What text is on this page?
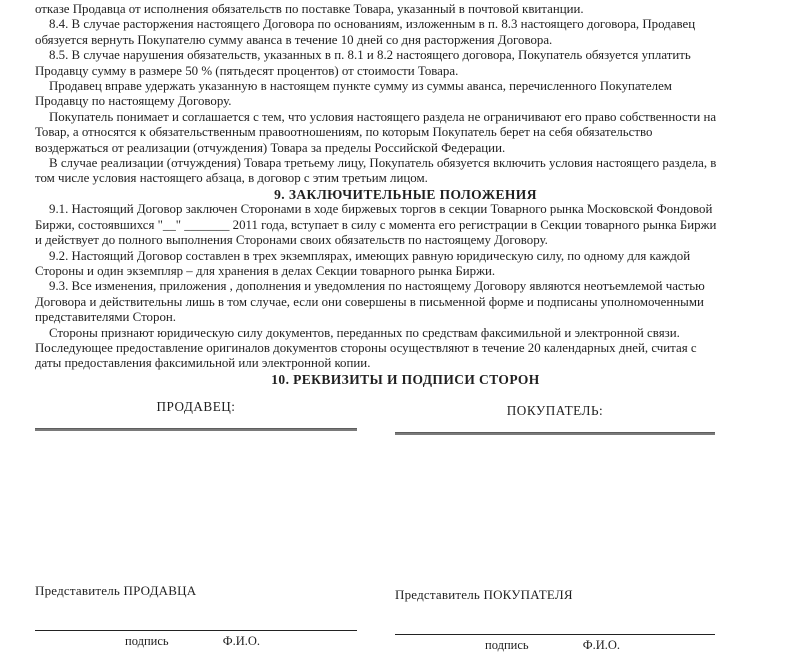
отказе Продавца от исполнения обязательств по поставке Товара, указанный в почтовой квитанции.
8.4. В случае расторжения настоящего Договора по основаниям, изложенным в п. 8.3 настоящего договора, Продавец
обязуется вернуть Покупателю сумму аванса в течение 10 дней со дня расторжения Договора.
8.5. В случае нарушения обязательств, указанных в п. 8.1 и 8.2 настоящего договора, Покупатель обязуется уплатить
Продавцу сумму в размере 50 % (пятьдесят процентов) от стоимости Товара.
Продавец вправе удержать указанную в настоящем пункте сумму из суммы аванса, перечисленного Покупателем
Продавцу по настоящему Договору.
Покупатель понимает и соглашается с тем, что условия настоящего раздела не ограничивают его право собственности на
Товар, а относятся к обязательственным правоотношениям, по которым Покупатель берет на себя обязательство
воздержаться от реализации (отчуждения) Товара за пределы Российской Федерации.
В случае реализации (отчуждения) Товара третьему лицу, Покупатель обязуется включить условия настоящего раздела, в
том числе условия настоящего абзаца, в договор с этим третьим лицом.
9. ЗАКЛЮЧИТЕЛЬНЫЕ ПОЛОЖЕНИЯ
9.1. Настоящий Договор заключен Сторонами в ходе биржевых торгов в секции Товарного рынка Московской Фондовой
Биржи, состоявшихся "__" _______ 2011 года, вступает в силу с момента его регистрации в Секции товарного рынка Биржи
и действует до полного выполнения Сторонами своих обязательств по настоящему Договору.
9.2. Настоящий Договор составлен в трех экземплярах, имеющих равную юридическую силу, по одному для каждой
Стороны и один экземпляр – для хранения в делах Секции товарного рынка Биржи.
9.3. Все изменения, приложения , дополнения и уведомления по настоящему Договору являются неотъемлемой частью
Договора и действительны лишь в том случае, если они совершены в письменной форме и подписаны уполномоченными
представителями Сторон.
Стороны признают юридическую силу документов, переданных по средствам факсимильной и электронной связи.
Последующее предоставление оригиналов документов стороны осуществляют в течение 20 календарных дней, считая с
даты предоставления факсимильной или электронной копии.
10. РЕКВИЗИТЫ И ПОДПИСИ СТОРОН
ПРОДАВЕЦ:
Представитель ПРОДАВЦА
подпись	Ф.И.О.
ПОКУПАТЕЛЬ:
Представитель ПОКУПАТЕЛЯ
подпись	Ф.И.О.
